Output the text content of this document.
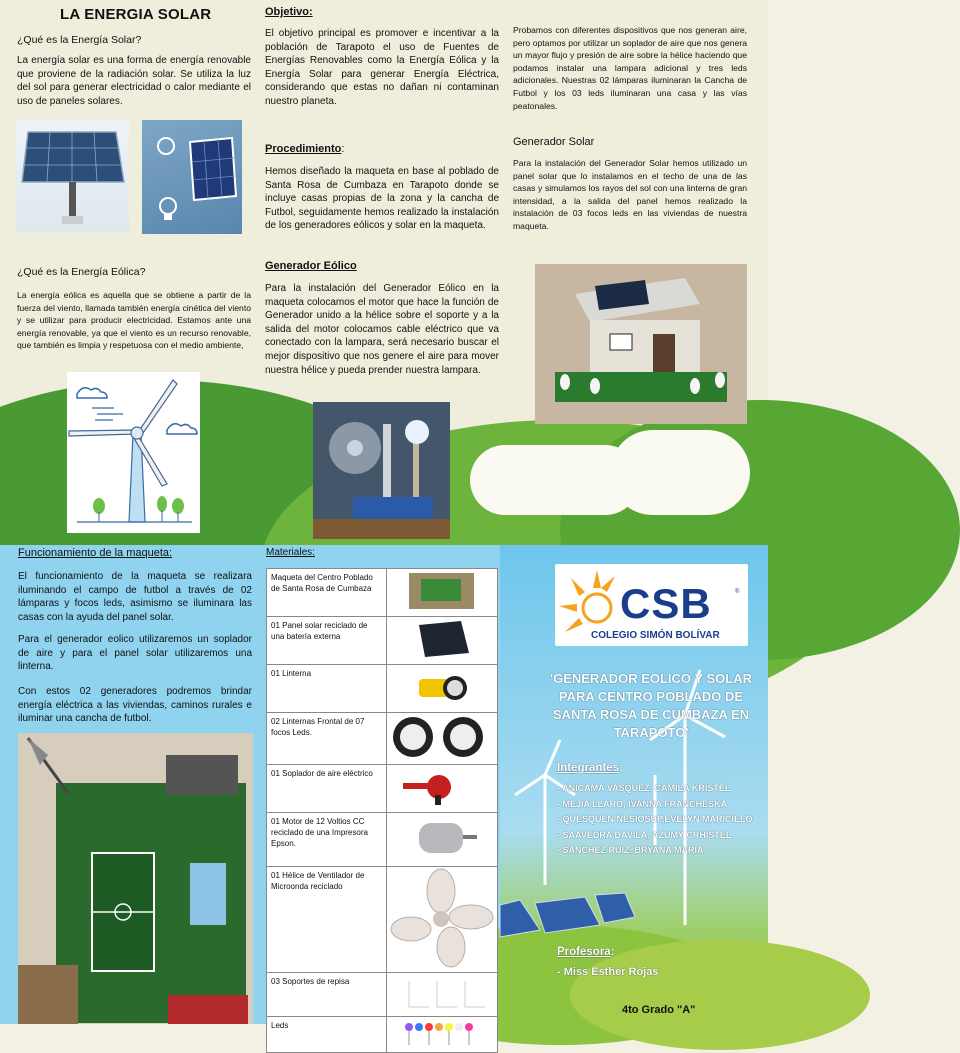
LA ENERGIA SOLAR
¿Qué es la Energía Solar?
La energía solar es una forma de energía renovable que proviene de la radiación solar. Se utiliza la luz del sol para generar electricidad o calor mediante el uso de paneles solares.
¿Qué es la Energía Eólica?
La energía eólica es aquella que se obtiene a partir de la fuerza del viento, llamada también energía cinética del viento y se utilizar para producir electricidad. Estamos ante una energía renovable, ya que el viento es un recurso renovable, que también es limpia y respetuosa con el medio ambiente,
Objetivo:
El objetivo principal es promover e incentivar a la población de Tarapoto el uso de Fuentes de Energías Renovables como la Energía Eólica y la Energía Solar para generar Energía Eléctrica, considerando que estas no dañan ni contaminan nuestro planeta.
Procedimiento:
Hemos diseñado la maqueta en base al poblado de Santa Rosa de Cumbaza en Tarapoto donde se incluye casas propias de la zona y la cancha de Futbol, seguidamente hemos realizado la instalación de los generadores eólicos y solar en la maqueta.
Generador Eólico
Para la instalación del Generador Eólico en la maqueta colocamos el motor que hace la función de Generador unido a la hélice sobre el soporte y a la salida del motor colocamos cable eléctrico que va conectado con la lampara, será necesario buscar el mejor dispositivo que nos genere el aire para mover nuestra hélice y pueda prender nuestra lampara.
Probamos con diferentes dispositivos que nos generan aire, pero optamos por utilizar un soplador de aire que nos genera un mayor flujo y presión de aire sobre la hélice haciendo que podamos instalar una lampara adicional y tres leds adicionales. Nuestras 02 lámparas iluminaran la Cancha de Futbol y los 03 leds iluminaran una casa y las vías peatonales.
Generador Solar
Para la instalación del Generador Solar hemos utilizado un panel solar que lo instalamos en el techo de una de las casas y simulamos los rayos del sol con una linterna de gran intensidad, a la salida del panel hemos realizado la instalación de 03 focos leds en las viviendas de nuestra maqueta.
Funcionamiento de la maqueta:
El funcionamiento de la maqueta se realizara iluminando el campo de futbol a través de 02 lámparas y focos leds, asimismo se iluminara las casas con la ayuda del panel solar.
Para el generador eolico utilizaremos un soplador de aire y para el panel solar utilizaremos una linterna.
Con estos 02 generadores podremos brindar energía eléctrica a las viviendas, caminos rurales e iluminar una cancha de futbol.
Materiales:
Maqueta del Centro Poblado de Santa Rosa de Cumbaza	
01 Panel solar reciclado de una batería externa	
01 Linterna	
02 Linternas Frontal de 07 focos Leds.	
01 Soplador de aire eléctrico	
01 Motor de 12 Voltios CC reciclado de una Impresora Epson.	
01 Hélice de Ventilador de Microonda reciclado	
03 Soportes de repisa	
Leds	
CSB	®
COLEGIO SIMÓN BOLÍVAR
'GENERADOR EOLICO Y SOLAR PARA CENTRO POBLADO DE SANTA ROSA DE CUMBAZA EN TARAPOTO'
Integrantes:
- ANICAMA VASQUEZ, CAMILA KRISTEL
- MEJIA LLARO, IVANNA FRANCHESKA
- QUESQUEN NESIOSUP,EVELYN MARICIELO
- SAAVEDRA DAVILA, AZUMY CRHISTEL
- SANCHEZ RUIZ, BRYANA MARIA
Profesora:
- Miss Esther Rojas
4to Grado "A"
